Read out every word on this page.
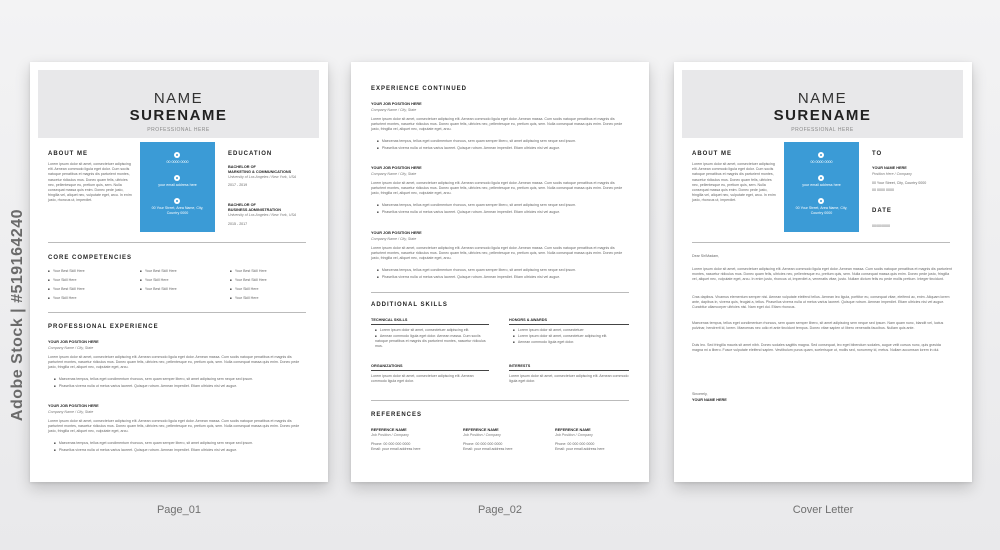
Adobe Stock | #519164240
NAME
SURENAME
PROFESSIONAL HERE
ABOUT ME
Lorem ipsum dolor sit amet, consectetuer adipiscing elit. Aenean commodo ligula eget dolor. Cum sociis natoque penatibus et magnis dis parturient montes, nascetur ridiculus mus. Donec quam felis, ultricies nec, pellentesque eu, pretium quis, sem. Nulla consequat massa quis enim. Donec pede justo, fringilla vel, aliquet nec, vulputate eget, arcu. In enim justo, rhoncus ut, imperdiet.
00 0000 0000
your email address here
00 Your Street, Area Name, City, Country 0000
EDUCATION
BACHELOR OF
MARKETING & COMMUNICATIONS
University of Los Angeles / New York, USA
2017 - 2019
BACHELOR OF
BUSINESS ADMINISTRATION
University of Los Angeles / New York, USA
2015 - 2017
CORE COMPETENCIES
■ Your Best Skill Here
■ Your Skill Here
■ Your Best Skill Here
■ Your Skill Here
■ Your Best Skill Here
■ Your Skill Here
■ Your Best Skill Here
■ Your Best Skill Here
■ Your Best Skill Here
■ Your Skill Here
■ Your Skill Here
PROFESSIONAL EXPERIENCE
YOUR JOB POSITION HERE
Company Name / City, State
Lorem ipsum dolor sit amet, consectetuer adipiscing elit. Aenean commodo ligula eget dolor. Aenean massa. Cum sociis natoque penatibus et magnis dis parturient montes, nascetur ridiculus mus. Donec quam felis, ultricies nec, pellentesque eu, pretium quis, sem. Nulla consequat massa quis enim. Donec pede justo, fringilla vel, aliquet nec, vulputate eget, arcu.
■ Maecenas tempus, tellus eget condimentum rhoncus, sem quam semper libero, sit amet adipiscing sem neque sed ipsum.
■ Phasellus viverra nulla ut metus varius laoreet. Quisque rutrum. Aenean imperdiet. Etiam ultricies nisi vel augue.
YOUR JOB POSITION HERE
Company Name / City, State
Lorem ipsum dolor sit amet, consectetuer adipiscing elit. Aenean commodo ligula eget dolor. Aenean massa. Cum sociis natoque penatibus et magnis dis parturient montes, nascetur ridiculus mus. Donec quam felis, ultricies nec, pellentesque eu, pretium quis, sem. Nulla consequat massa quis enim. Donec pede justo, fringilla vel, aliquet nec, vulputate eget, arcu.
■ Maecenas tempus, tellus eget condimentum rhoncus, sem quam semper libero, sit amet adipiscing sem neque sed ipsum.
■ Phasellus viverra nulla ut metus varius laoreet. Quisque rutrum. Aenean imperdiet. Etiam ultricies nisi vel augue.
EXPERIENCE CONTINUED
YOUR JOB POSITION HERE
Company Name / City, State
Lorem ipsum dolor sit amet, consectetuer adipiscing elit. Aenean commodo ligula eget dolor. Aenean massa. Cum sociis natoque penatibus et magnis dis parturient montes, nascetur ridiculus mus. Donec quam felis, ultricies nec, pellentesque eu, pretium quis, sem. Nulla consequat massa quis enim. Donec pede justo, fringilla vel, aliquet nec, vulputate eget, arcu.
■ Maecenas tempus, tellus eget condimentum rhoncus, sem quam semper libero, sit amet adipiscing sem neque sed ipsum.
■ Phasellus viverra nulla ut metus varius laoreet. Quisque rutrum. Aenean imperdiet. Etiam ultricies nisi vel augue.
YOUR JOB POSITION HERE
Company Name / City, State
Lorem ipsum dolor sit amet, consectetuer adipiscing elit. Aenean commodo ligula eget dolor. Aenean massa. Cum sociis natoque penatibus et magnis dis parturient montes, nascetur ridiculus mus. Donec quam felis, ultricies nec, pellentesque eu, pretium quis, sem. Nulla consequat massa quis enim. Donec pede justo, fringilla vel, aliquet nec, vulputate eget, arcu.
■ Maecenas tempus, tellus eget condimentum rhoncus, sem quam semper libero, sit amet adipiscing sem neque sed ipsum.
■ Phasellus viverra nulla ut metus varius laoreet. Quisque rutrum. Aenean imperdiet. Etiam ultricies nisi vel augue.
YOUR JOB POSITION HERE
Company Name / City, State
Lorem ipsum dolor sit amet, consectetuer adipiscing elit. Aenean commodo ligula eget dolor. Aenean massa. Cum sociis natoque penatibus et magnis dis parturient montes, nascetur ridiculus mus. Donec quam felis, ultricies nec, pellentesque eu, pretium quis, sem. Nulla consequat massa quis enim. Donec pede justo, fringilla vel, aliquet nec, vulputate eget, arcu.
■ Maecenas tempus, tellus eget condimentum rhoncus, sem quam semper libero, sit amet adipiscing sem neque sed ipsum.
■ Phasellus viverra nulla ut metus varius laoreet. Quisque rutrum. Aenean imperdiet. Etiam ultricies nisi vel augue.
ADDITIONAL SKILLS
TECHNICAL SKILLS
■ Lorem ipsum dolor sit amet, consectetuer adipiscing elit.
■ Aenean commodo ligula eget dolor. Aenean massa. Cum sociis natoque penatibus et magnis dis parturient montes, nascetur ridiculus mus.
HONORS & AWARDS
■ Lorem ipsum dolor sit amet, consectetuer
■ Lorem ipsum dolor sit amet, consectetuer adipiscing elit.
■ Aenean commodo ligula eget dolor.
ORGANIZATIONS
Lorem ipsum dolor sit amet, consectetuer adipiscing elit. Aenean commodo ligula eget dolor.
INTERESTS
Lorem ipsum dolor sit amet, consectetuer adipiscing elit. Aenean commodo ligula eget dolor.
REFERENCES
REFERENCE NAME
Job Position / Company
Phone: 00 000 000 0000
Email: your email address here
REFERENCE NAME
Job Position / Company
Phone: 00 000 000 0000
Email: your email address here
REFERENCE NAME
Job Position / Company
Phone: 00 000 000 0000
Email: your email address here
NAME
SURENAME
PROFESSIONAL HERE
ABOUT ME
Lorem ipsum dolor sit amet, consectetuer adipiscing elit. Aenean commodo ligula eget dolor. Cum sociis natoque penatibus et magnis dis parturient montes, nascetur ridiculus mus. Donec quam felis, ultricies nec, pellentesque eu, pretium quis, sem. Nulla consequat massa quis enim. Donec pede justo, fringilla vel, aliquet nec, vulputate eget, arcu. In enim justo, rhoncus ut, imperdiet.
00 0000 0000
your email address here
00 Your Street, Area Name, City, Country 0000
TO
YOUR NAME HERE
Position Here / Company
00 Your Street, City, Country 0000
00 0000 0000
DATE
00/00/0000
Dear Sir/Madam,
Lorem ipsum dolor sit amet, consectetuer adipiscing elit. Aenean commodo ligula eget dolor. Aenean massa. Cum sociis natoque penatibus et magnis dis parturient montes, nascetur ridiculus mus. Donec quam felis, ultricies nec, pellentesque eu, pretium quis, sem. Nulla consequat massa quis enim. Donec pede justo, fringilla vel, aliquet nec, vulputate eget, arcu. In enim justo, rhoncus ut, imperdiet a, venenatis vitae, justo. Nullam dictum felis eu pede mollis pretium. Integer tincidunt.
Cras dapibus. Vivamus elementum semper nisi. Aenean vulputate eleifend tellus. Aenean leo ligula, porttitor eu, consequat vitae, eleifend ac, enim. Aliquam lorem ante, dapibus in, viverra quis, feugiat a, tellus. Phasellus viverra nulla ut metus varius laoreet. Quisque rutrum. Aenean imperdiet. Etiam ultricies nisi vel augue. Curabitur ullamcorper ultricies nisi. Nam eget dui. Etiam rhoncus.
Maecenas tempus, tellus eget condimentum rhoncus, sem quam semper libero, sit amet adipiscing sem neque sed ipsum. Nam quam nunc, blandit vel, luctus pulvinar, hendrerit id, lorem. Maecenas nec odio et ante tincidunt tempus. Donec vitae sapien ut libero venenatis faucibus. Nullam quis ante.
Duis leo. Sed fringilla mauris sit amet nibh. Donec sodales sagittis magna. Sed consequat, leo eget bibendum sodales, augue velit cursus nunc, quis gravida magna mi a libero. Fusce vulputate eleifend sapien. Vestibulum purus quam, scelerisque ut, mollis sed, nonummy id, metus. Nullam accumsan lorem in dui.
Sincerely,
YOUR NAME HERE
Page_01	Page_02	Cover Letter
